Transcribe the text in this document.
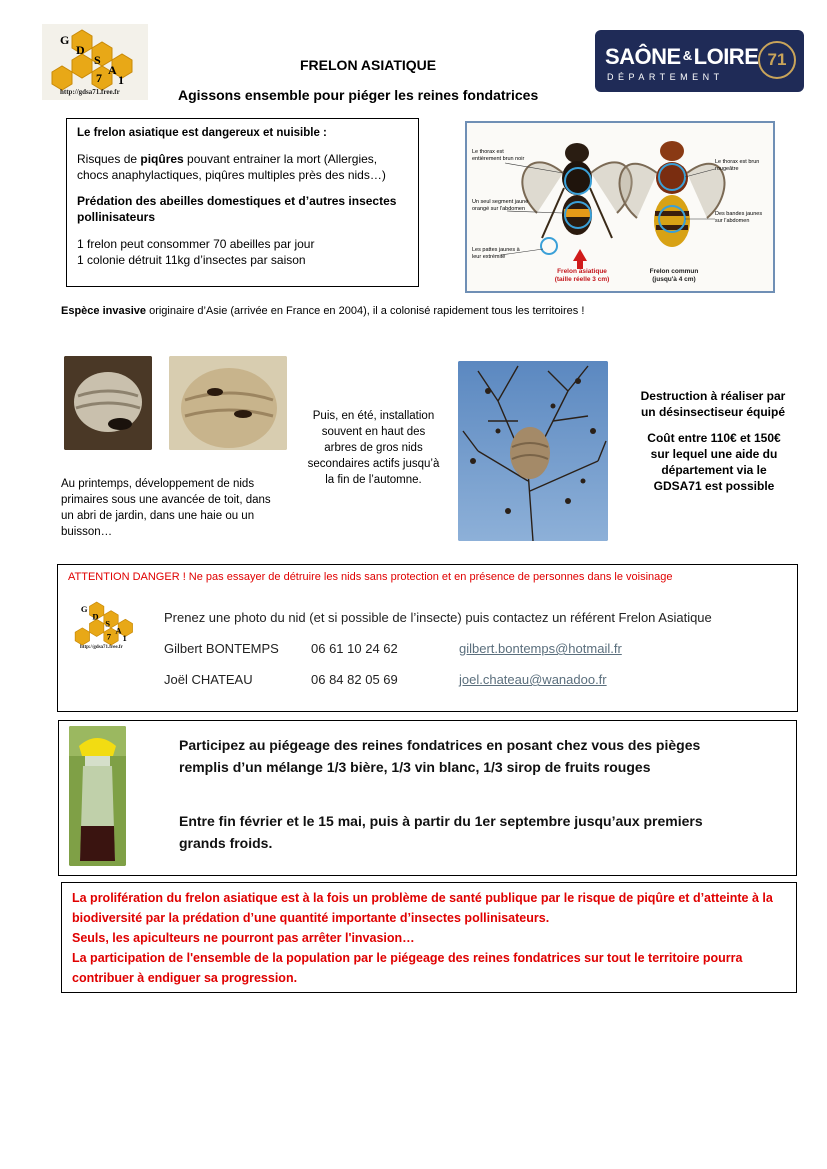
G
D
S
A
7 1
http://gdsa71.free.fr
FRELON ASIATIQUE
Agissons ensemble pour piéger les reines fondatrices
SAÔNE &LOIRE
DÉPARTEMENT
71
Le frelon asiatique est dangereux et nuisible :
Risques de piqûres pouvant entrainer la mort (Allergies, chocs anaphylactiques, piqûres multiples près des nids…)
Prédation des abeilles domestiques et d’autres insectes pollinisateurs
1 frelon peut consommer 70 abeilles par jour
1 colonie détruit 11kg d’insectes par saison
Le thorax est entièrement brun noir
Un seul segment jaune orangé sur l'abdomen
Les pattes jaunes à leur extrémité
Le thorax est brun rougeâtre
Des bandes jaunes sur l'abdomen
Frelon asiatique
(taille réelle 3 cm)
Frelon commun
(jusqu'à 4 cm)
Espèce invasive originaire d’Asie (arrivée en France en 2004), il a colonisé rapidement tous les territoires !
Au printemps, développement de nids primaires sous une avancée de toit, dans un abri de jardin, dans une haie ou un buisson…
Puis, en été, installation souvent en haut des arbres de gros nids secondaires actifs jusqu’à la fin de l’automne.
Destruction à réaliser par un désinsectiseur équipé
Coût entre 110€ et 150€ sur lequel une aide du département via le GDSA71 est possible
ATTENTION DANGER ! Ne pas essayer de détruire les nids sans protection et en présence de personnes dans le voisinage
G
D
S
A
7 1
http://gdsa71.free.fr
Prenez une photo du nid (et si possible de l’insecte) puis contactez un référent Frelon Asiatique
Gilbert BONTEMPS 06 61 10 24 62	gilbert.bontemps@hotmail.fr
Joël CHATEAU	06 84 82 05 69	joel.chateau@wanadoo.fr
Participez au piégeage des reines fondatrices en posant chez vous des pièges remplis d’un mélange 1/3 bière, 1/3 vin blanc, 1/3 sirop de fruits rouges
Entre fin février et le 15 mai, puis à partir du 1er septembre jusqu’aux premiers grands froids.
La prolifération du frelon asiatique est à la fois un problème de santé publique par le risque de piqûre et d’atteinte à la biodiversité par la prédation d’une quantité importante d’insectes pollinisateurs.
Seuls, les apiculteurs ne pourront pas arrêter l'invasion…
La participation de l'ensemble de la population par le piégeage des reines fondatrices sur tout le territoire pourra contribuer à endiguer sa progression.
